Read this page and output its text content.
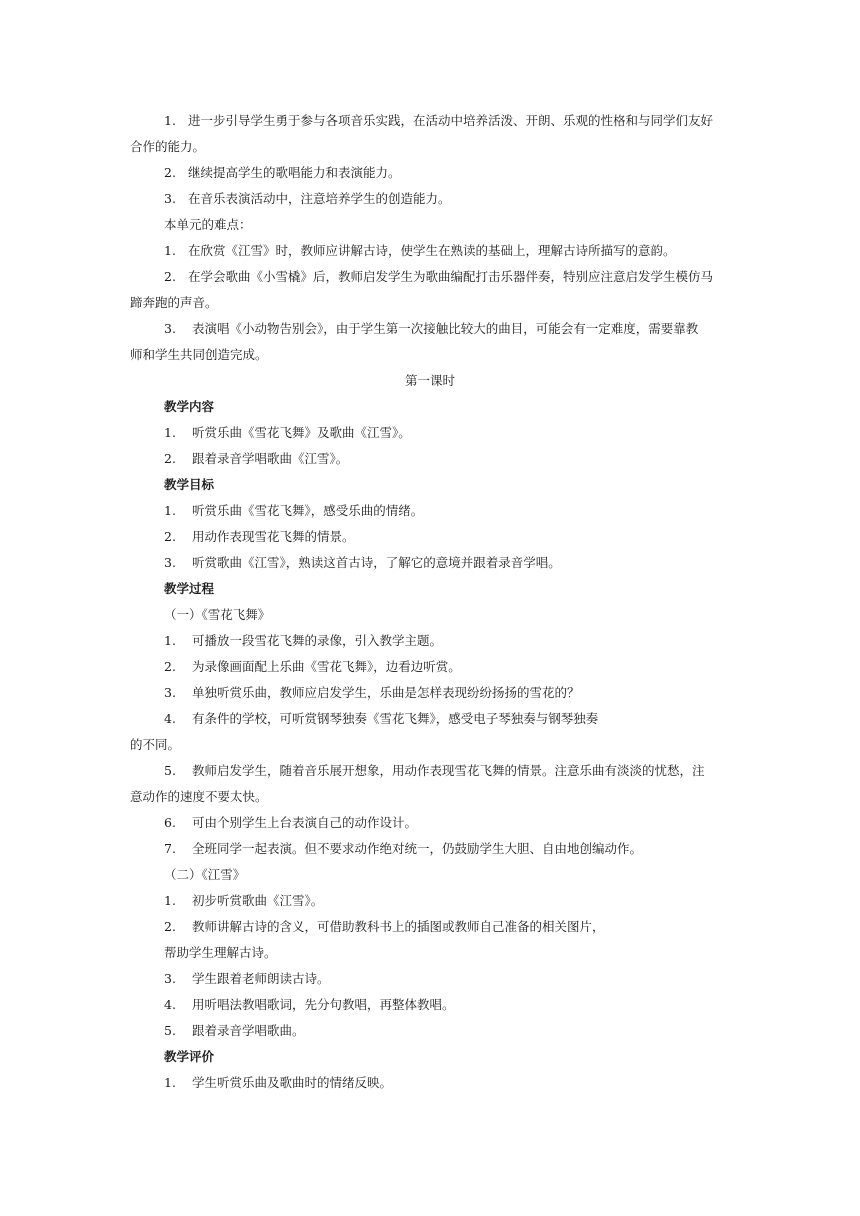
1. 进一步引导学生勇于参与各项音乐实践，在活动中培养活泼、开朗、乐观的性格和与同学们友好
合作的能力。
2. 继续提高学生的歌唱能力和表演能力。
3. 在音乐表演活动中，注意培养学生的创造能力。
本单元的难点：
1. 在欣赏《江雪》时，教师应讲解古诗，使学生在熟读的基础上，理解古诗所描写的意韵。
2. 在学会歌曲《小雪橇》后，教师启发学生为歌曲编配打击乐器伴奏，特别应注意启发学生模仿马
蹄奔跑的声音。
3. 表演唱《小动物告别会》，由于学生第一次接触比较大的曲目，可能会有一定难度，需要靠教
师和学生共同创造完成。
第一课时
教学内容
1. 听赏乐曲《雪花飞舞》及歌曲《江雪》。
2. 跟着录音学唱歌曲《江雪》。
教学目标
1. 听赏乐曲《雪花飞舞》，感受乐曲的情绪。
2. 用动作表现雪花飞舞的情景。
3. 听赏歌曲《江雪》，熟读这首古诗，了解它的意境并跟着录音学唱。
教学过程
（一）《雪花飞舞》
1. 可播放一段雪花飞舞的录像，引入教学主题。
2. 为录像画面配上乐曲《雪花飞舞》，边看边听赏。
3. 单独听赏乐曲，教师应启发学生，乐曲是怎样表现纷纷扬扬的雪花的？
4. 有条件的学校，可听赏钢琴独奏《雪花飞舞》，感受电子琴独奏与钢琴独奏
的不同。
5. 教师启发学生，随着音乐展开想象，用动作表现雪花飞舞的情景。注意乐曲有淡淡的忧愁，注
意动作的速度不要太快。
6. 可由个别学生上台表演自己的动作设计。
7. 全班同学一起表演。但不要求动作绝对统一，仍鼓励学生大胆、自由地创编动作。
（二）《江雪》
1. 初步听赏歌曲《江雪》。
2. 教师讲解古诗的含义，可借助教科书上的插图或教师自己准备的相关图片，
帮助学生理解古诗。
3. 学生跟着老师朗读古诗。
4. 用听唱法教唱歌词，先分句教唱，再整体教唱。
5. 跟着录音学唱歌曲。
教学评价
1. 学生听赏乐曲及歌曲时的情绪反映。
